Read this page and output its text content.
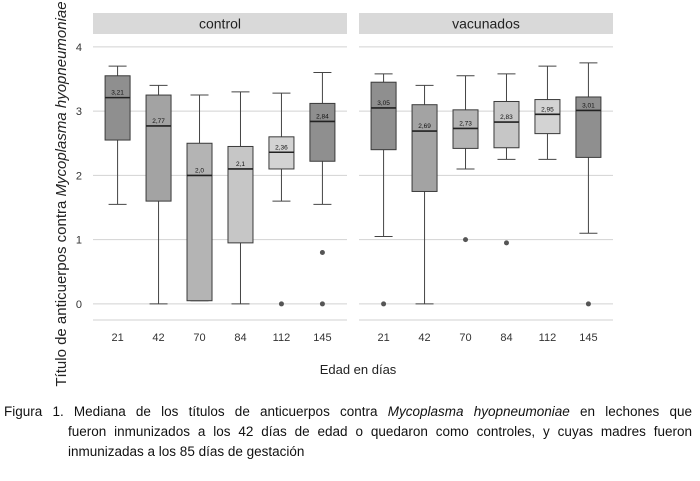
Título de anticuerpos contra Mycoplasma hyopneumoniae
Edad en días
0
1
2
3
4
control
3,21
21
2,77
42
2,0
70
2,1
84
2,36
112
2,84
145
vacunados
3,05
21
2,69
42
2,73
70
2,83
84
2,95
112
3,01
145
Figura 1. Mediana de los títulos de anticuerpos contra Mycoplasma hyopneumoniae en lechones que
fueron inmunizados a los 42 días de edad o quedaron como controles, y cuyas madres fueron
inmunizadas a los 85 días de gestación
